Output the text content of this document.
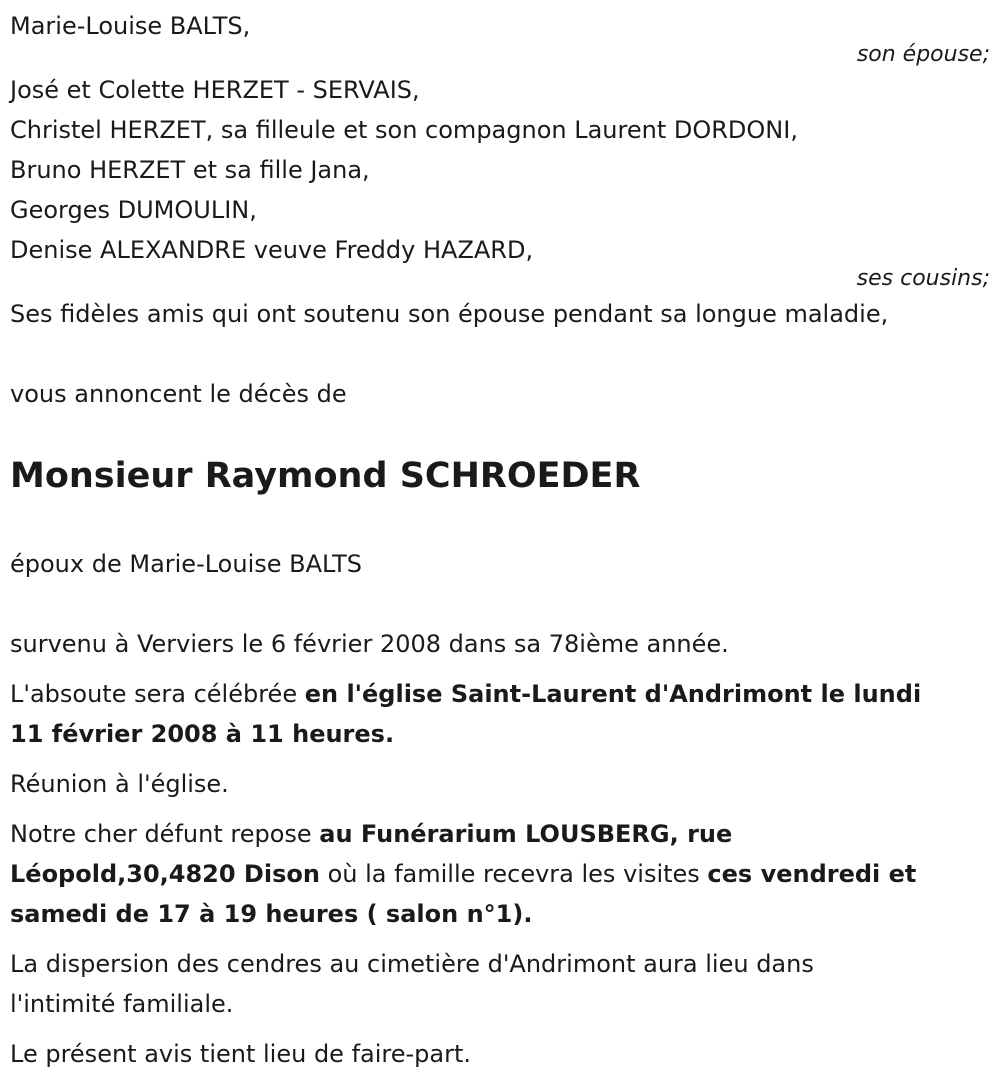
Marie-Louise BALTS,
son épouse;
José et Colette HERZET - SERVAIS,
Christel HERZET, sa filleule et son compagnon Laurent DORDONI,
Bruno HERZET et sa fille Jana,
Georges DUMOULIN,
Denise ALEXANDRE veuve Freddy HAZARD,
ses cousins;
Ses fidèles amis qui ont soutenu son épouse pendant sa longue maladie,
vous annoncent le décès de
Monsieur Raymond SCHROEDER
époux de Marie-Louise BALTS
survenu à Verviers le 6 février 2008 dans sa 78ième année.
L'absoute sera célébrée en l'église Saint-Laurent d'Andrimont le lundi
11 février 2008 à 11 heures.
Réunion à l'église.
Notre cher défunt repose au Funérarium LOUSBERG, rue
Léopold,30,4820 Dison où la famille recevra les visites ces vendredi et
samedi de 17 à 19 heures ( salon n°1).
La dispersion des cendres au cimetière d'Andrimont aura lieu dans
l'intimité familiale.
Le présent avis tient lieu de faire-part.
